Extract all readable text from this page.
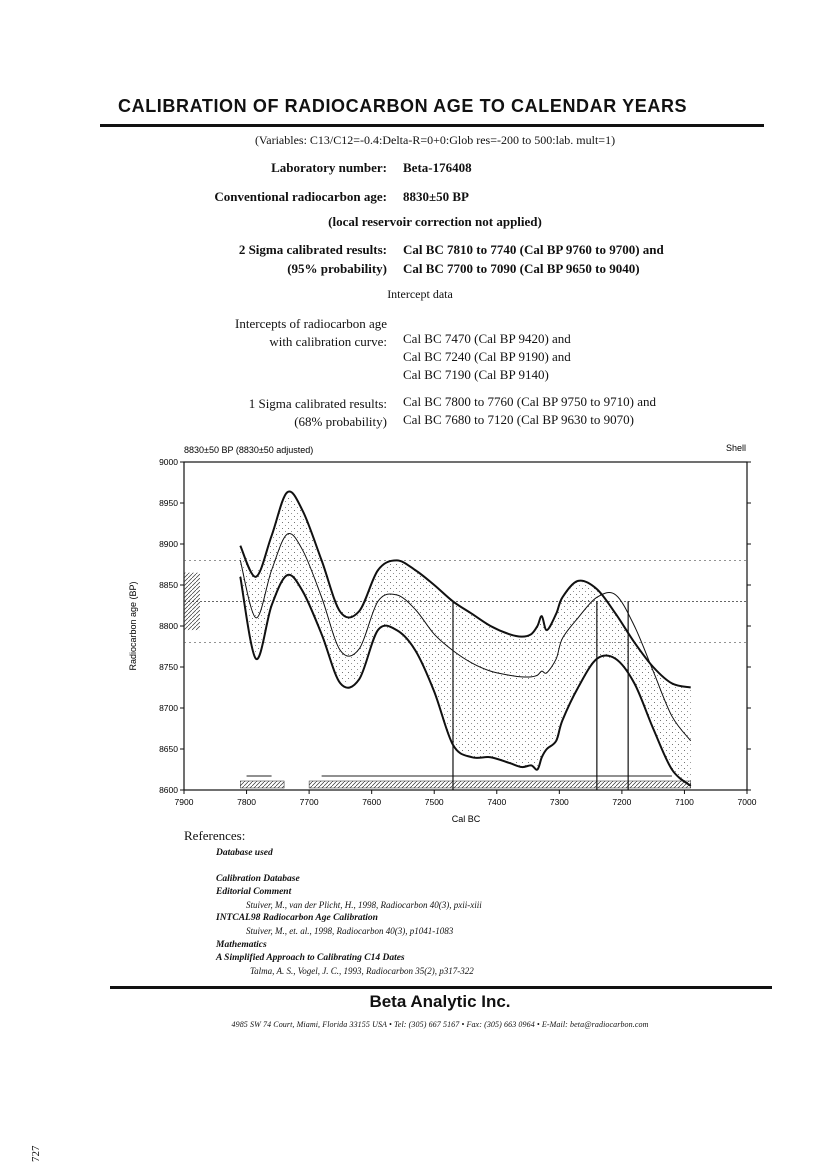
CALIBRATION OF RADIOCARBON AGE TO CALENDAR YEARS
(Variables: C13/C12=-0.4:Delta-R=0+0:Glob res=-200 to 500:lab. mult=1)
Laboratory number: Beta-176408
Conventional radiocarbon age: 8830±50 BP
(local reservoir correction not applied)
2 Sigma calibrated results:
(95% probability)
Cal BC 7810 to 7740 (Cal BP 9760 to 9700) and
Cal BC 7700 to 7090 (Cal BP 9650 to 9040)
Intercept data
Intercepts of radiocarbon age
with calibration curve: Cal BC 7470 (Cal BP 9420) and
Cal BC 7240 (Cal BP 9190) and
Cal BC 7190 (Cal BP 9140)
1 Sigma calibrated results:
(68% probability)
Cal BC 7800 to 7760 (Cal BP 9750 to 9710) and
Cal BC 7680 to 7120 (Cal BP 9630 to 9070)
7900	7800	7700	7600	7500	7400	7300	7200	7100	7000
9000
8950
8900
8850
8800
8750
8700
8650
8600
8830±50 BP (8830±50 adjusted)	Shell
Cal BC
Radiocarbon age (BP)
References:
Database used
Calibration Database
Editorial Comment
Stuiver, M., van der Plicht, H., 1998, Radiocarbon 40(3), pxii-xiii
INTCAL98 Radiocarbon Age Calibration
Stuiver, M., et. al., 1998, Radiocarbon 40(3), p1041-1083
Mathematics
A Simplified Approach to Calibrating C14 Dates
Talma, A. S., Vogel, J. C., 1993, Radiocarbon 35(2), p317-322
Beta Analytic Inc.
4985 SW 74 Court, Miami, Florida 33155 USA • Tel: (305) 667 5167 • Fax: (305) 663 0964 • E-Mail: beta@radiocarbon.com
727
